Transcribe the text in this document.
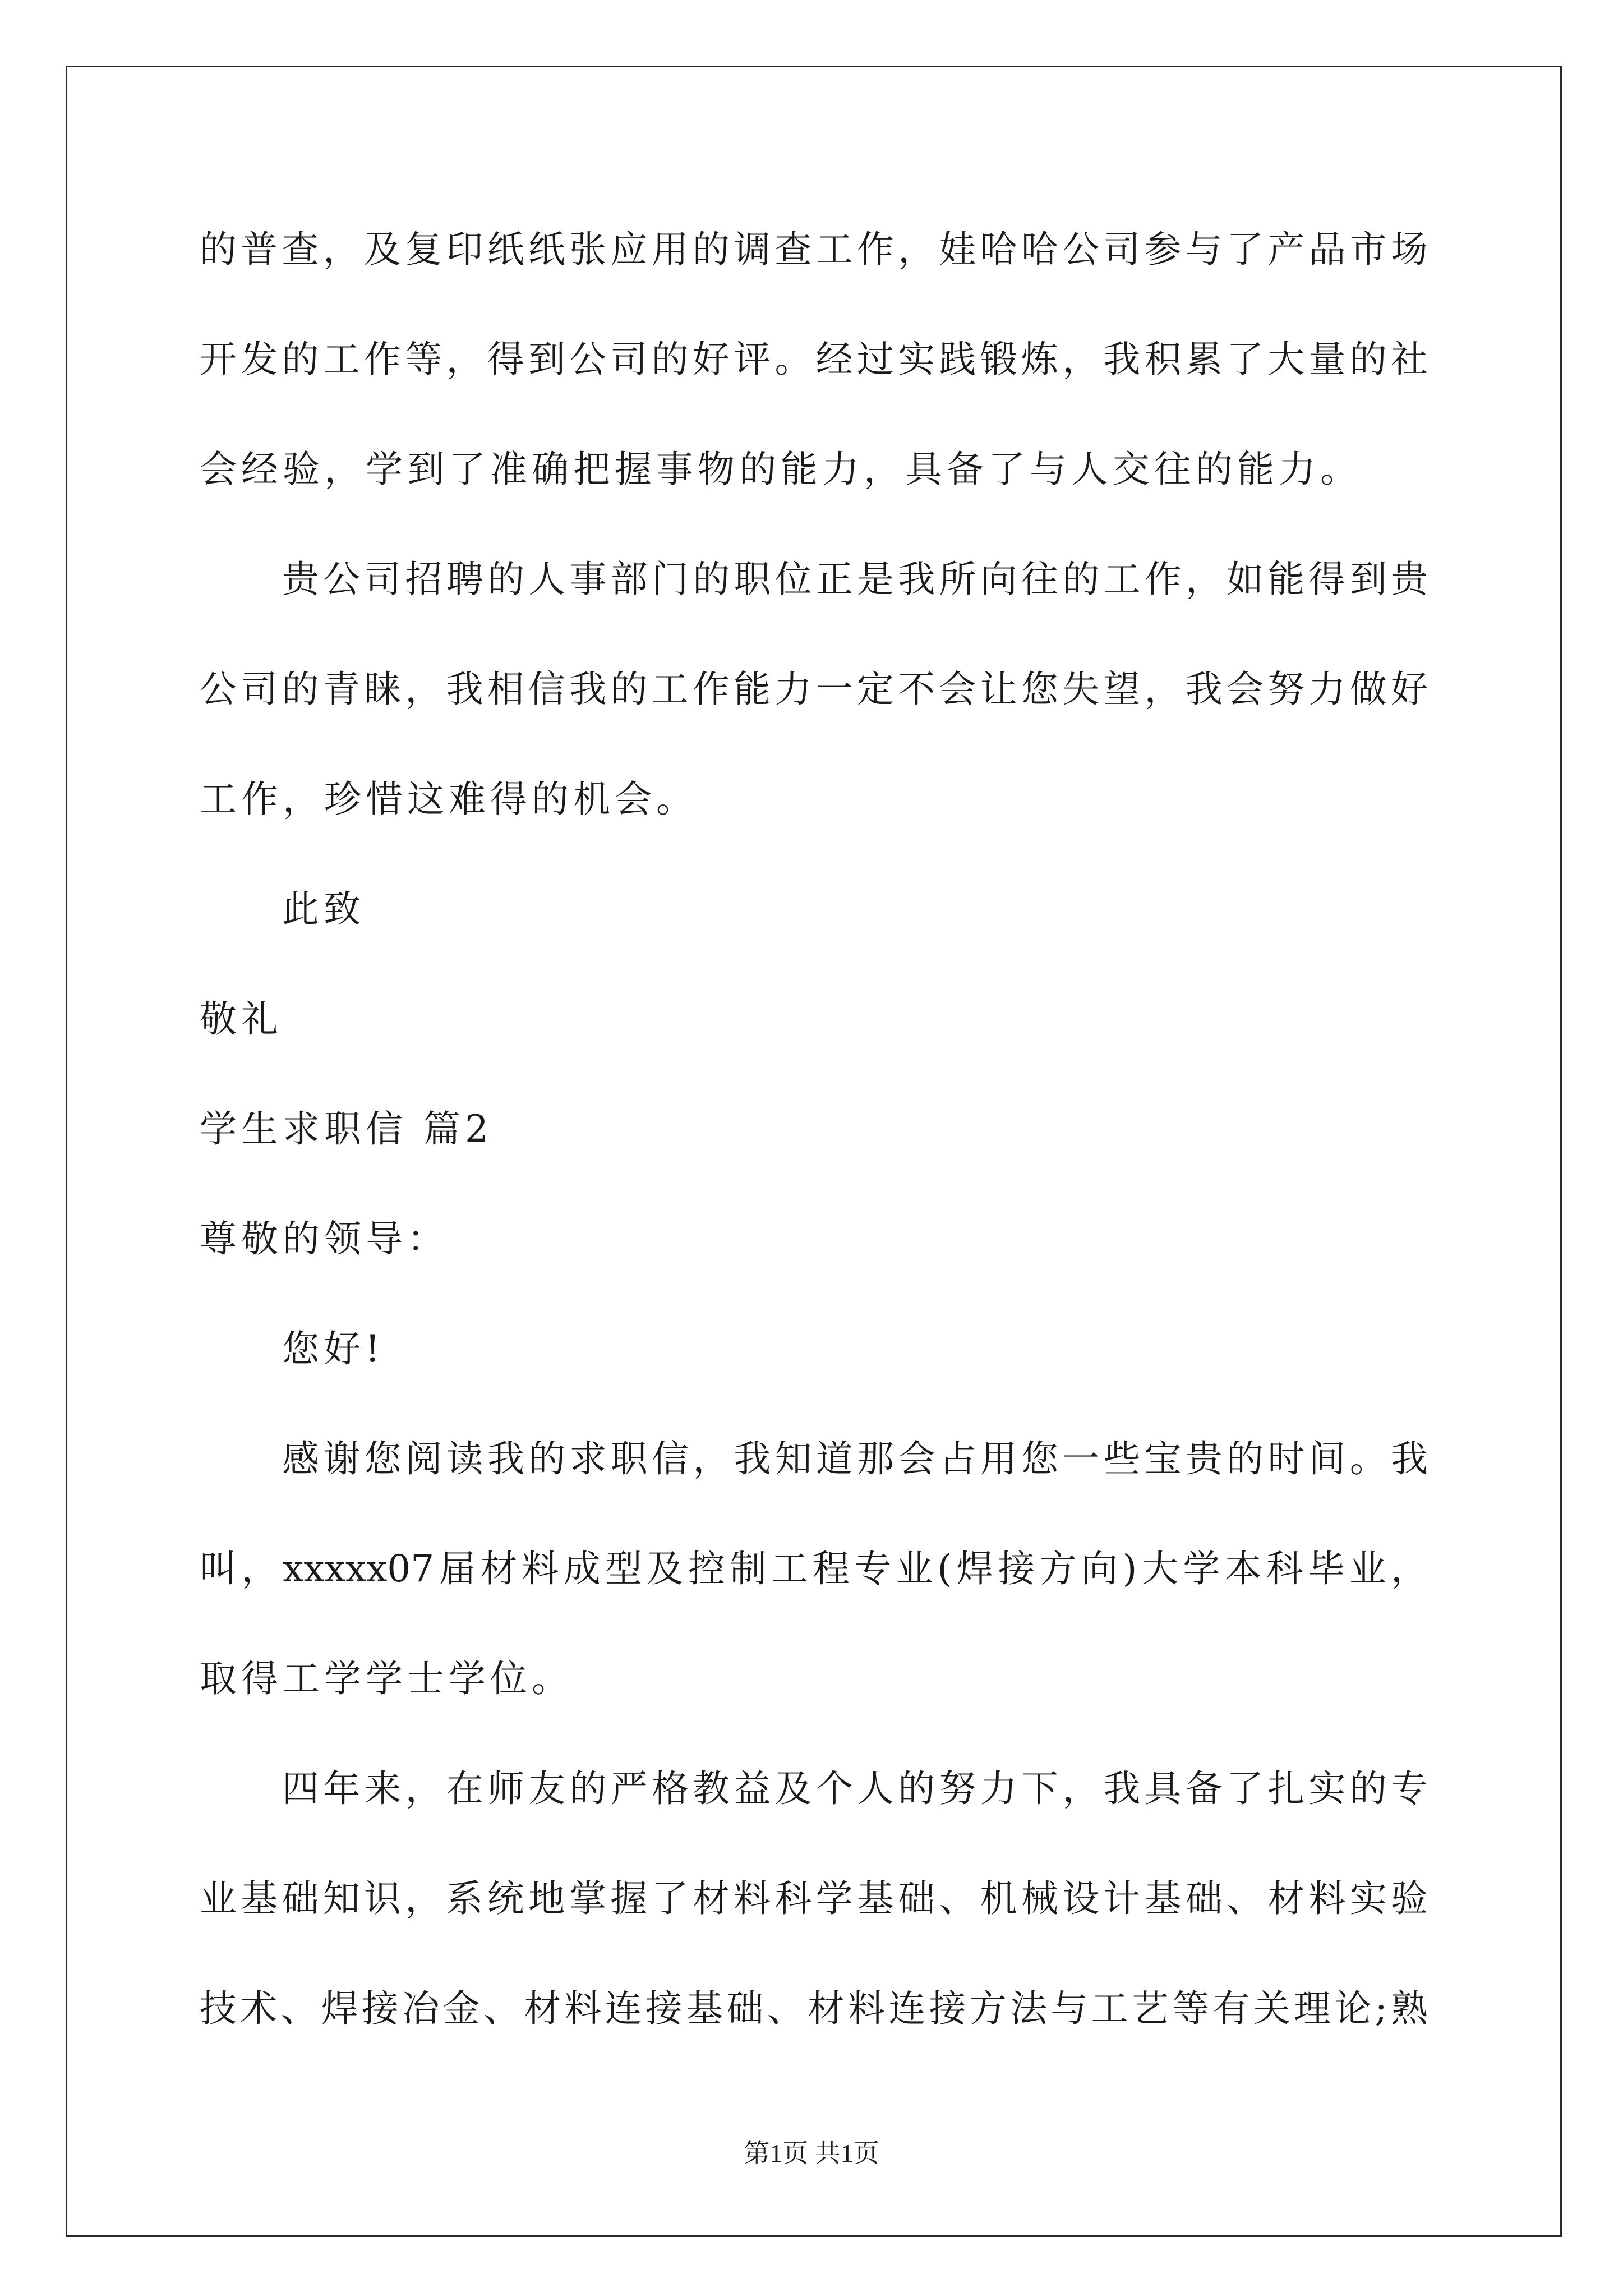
的普查，及复印纸纸张应用的调查工作，娃哈哈公司参与了产品市场
开发的工作等，得到公司的好评。经过实践锻炼，我积累了大量的社
会经验，学到了准确把握事物的能力，具备了与人交往的能力。
贵公司招聘的人事部门的职位正是我所向往的工作，如能得到贵
公司的青睐，我相信我的工作能力一定不会让您失望，我会努力做好
工作，珍惜这难得的机会。
此致
敬礼
学生求职信 篇2
尊敬的领导：
您好!
感谢您阅读我的求职信，我知道那会占用您一些宝贵的时间。我
叫，xxxxx07届材料成型及控制工程专业(焊接方向)大学本科毕业，
取得工学学士学位。
四年来，在师友的严格教益及个人的努力下，我具备了扎实的专
业基础知识，系统地掌握了材料科学基础、机械设计基础、材料实验
技术、焊接冶金、材料连接基础、材料连接方法与工艺等有关理论;熟
第1页 共1页
